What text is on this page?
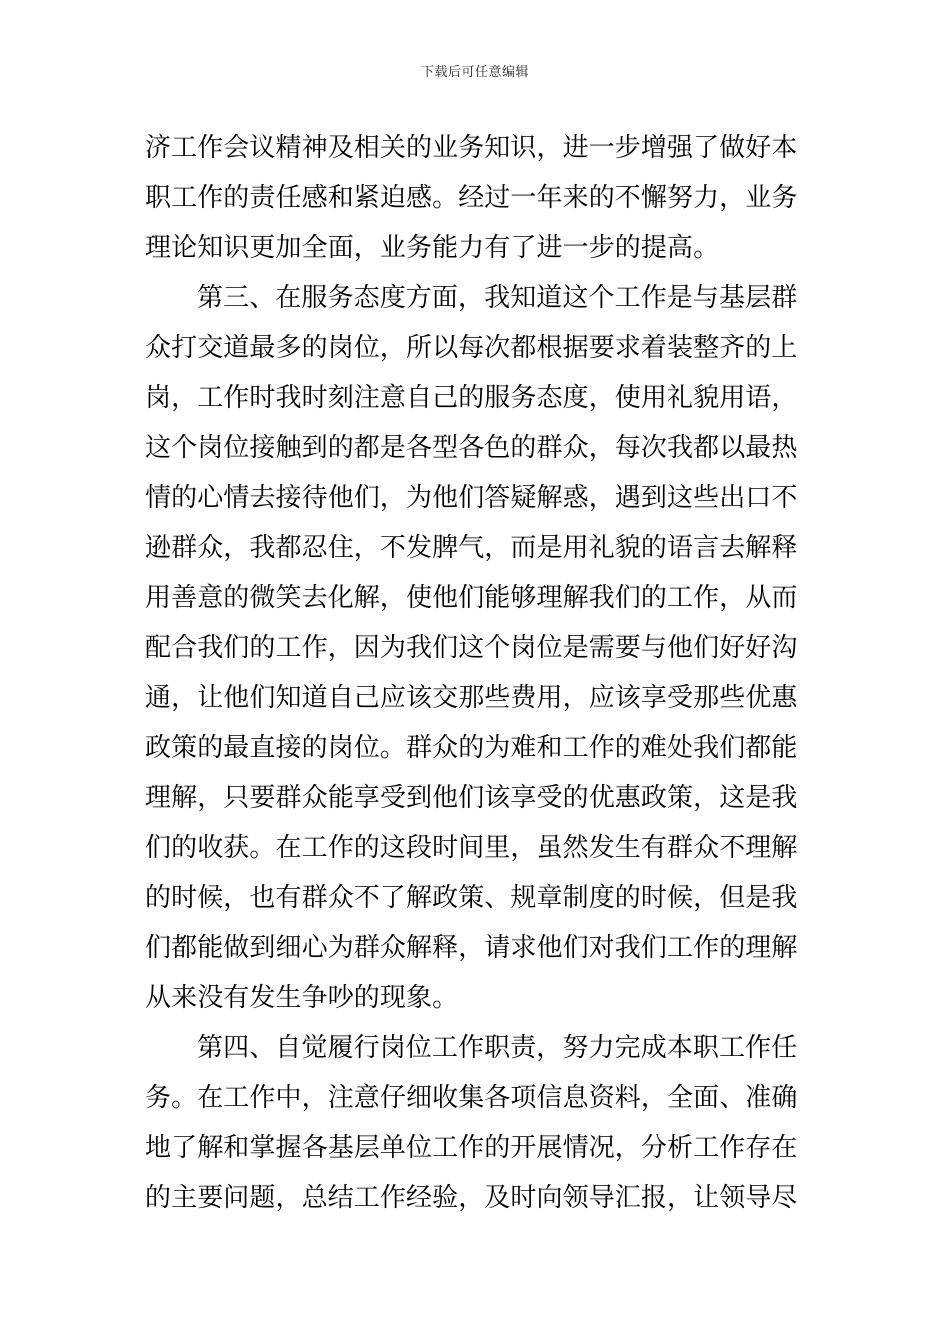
下载后可任意编辑
济工作会议精神及相关的业务知识，进一步增强了做好本
职工作的责任感和紧迫感。经过一年来的不懈努力，业务
理论知识更加全面，业务能力有了进一步的提高。
第三、在服务态度方面，我知道这个工作是与基层群
众打交道最多的岗位，所以每次都根据要求着装整齐的上
岗，工作时我时刻注意自己的服务态度，使用礼貌用语，
这个岗位接触到的都是各型各色的群众，每次我都以最热
情的心情去接待他们，为他们答疑解惑，遇到这些出口不
逊群众，我都忍住，不发脾气，而是用礼貌的语言去解释
用善意的微笑去化解，使他们能够理解我们的工作，从而
配合我们的工作，因为我们这个岗位是需要与他们好好沟
通，让他们知道自己应该交那些费用，应该享受那些优惠
政策的最直接的岗位。群众的为难和工作的难处我们都能
理解，只要群众能享受到他们该享受的优惠政策，这是我
们的收获。在工作的这段时间里，虽然发生有群众不理解
的时候，也有群众不了解政策、规章制度的时候，但是我
们都能做到细心为群众解释，请求他们对我们工作的理解
从来没有发生争吵的现象。
第四、自觉履行岗位工作职责，努力完成本职工作任
务。在工作中，注意仔细收集各项信息资料，全面、准确
地了解和掌握各基层单位工作的开展情况，分析工作存在
的主要问题，总结工作经验，及时向领导汇报，让领导尽
